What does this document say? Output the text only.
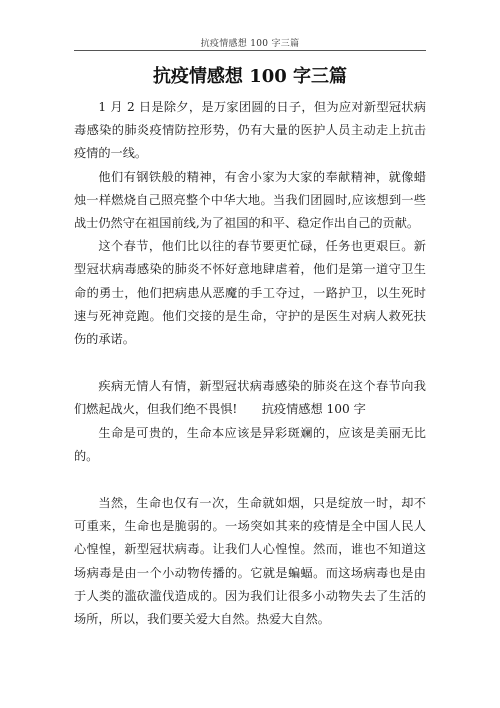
抗疫情感想 100 字三篇
抗疫情感想 100 字三篇

1 月 2 日是除夕，是万家团圆的日子，但为应对新型冠状病毒感染的肺炎疫情防控形势，仍有大量的医护人员主动走上抗击疫情的一线。

他们有钢铁般的精神，有舍小家为大家的奉献精神，就像蜡烛一样燃烧自己照亮整个中华大地。当我们团圆时,应该想到一些战士仍然守在祖国前线,为了祖国的和平、稳定作出自己的贡献。

这个春节，他们比以往的春节要更忙碌，任务也更艰巨。新型冠状病毒感染的肺炎不怀好意地肆虐着，他们是第一道守卫生命的勇士，他们把病患从恶魔的手工夺过，一路护卫，以生死时速与死神竞跑。他们交接的是生命，守护的是医生对病人救死扶伤的承诺。

疾病无情人有情，新型冠状病毒感染的肺炎在这个春节向我们燃起战火，但我们绝不畏惧!　　抗疫情感想 100 字

生命是可贵的，生命本应该是异彩斑斓的，应该是美丽无比的。

当然，生命也仅有一次，生命就如烟，只是绽放一时，却不可重来，生命也是脆弱的。一场突如其来的疫情是全中国人民人心惶惶，新型冠状病毒。让我们人心惶惶。然而，谁也不知道这场病毒是由一个小动物传播的。它就是蝙蝠。而这场病毒也是由于人类的滥砍滥伐造成的。因为我们让很多小动物失去了生活的场所，所以，我们要关爱大自然。热爱大自然。
